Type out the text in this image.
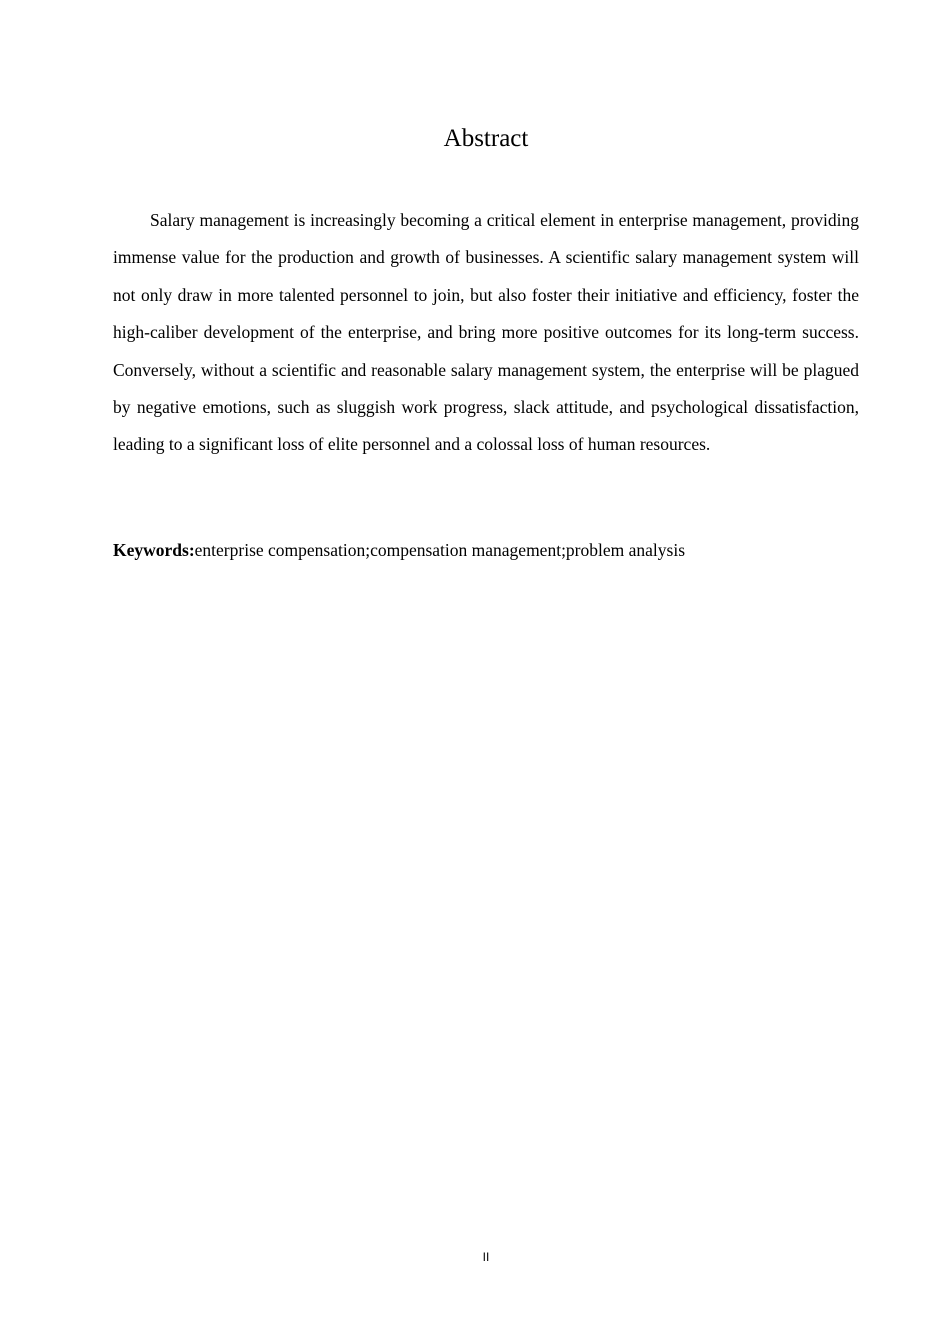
Abstract

Salary management is increasingly becoming a critical element in enterprise management, providing immense value for the production and growth of businesses. A scientific salary management system will not only draw in more talented personnel to join, but also foster their initiative and efficiency, foster the high-caliber development of the enterprise, and bring more positive outcomes for its long-term success. Conversely, without a scientific and reasonable salary management system, the enterprise will be plagued by negative emotions, such as sluggish work progress, slack attitude, and psychological dissatisfaction, leading to a significant loss of elite personnel and a colossal loss of human resources.

Keywords:enterprise compensation;compensation management;problem analysis

II
